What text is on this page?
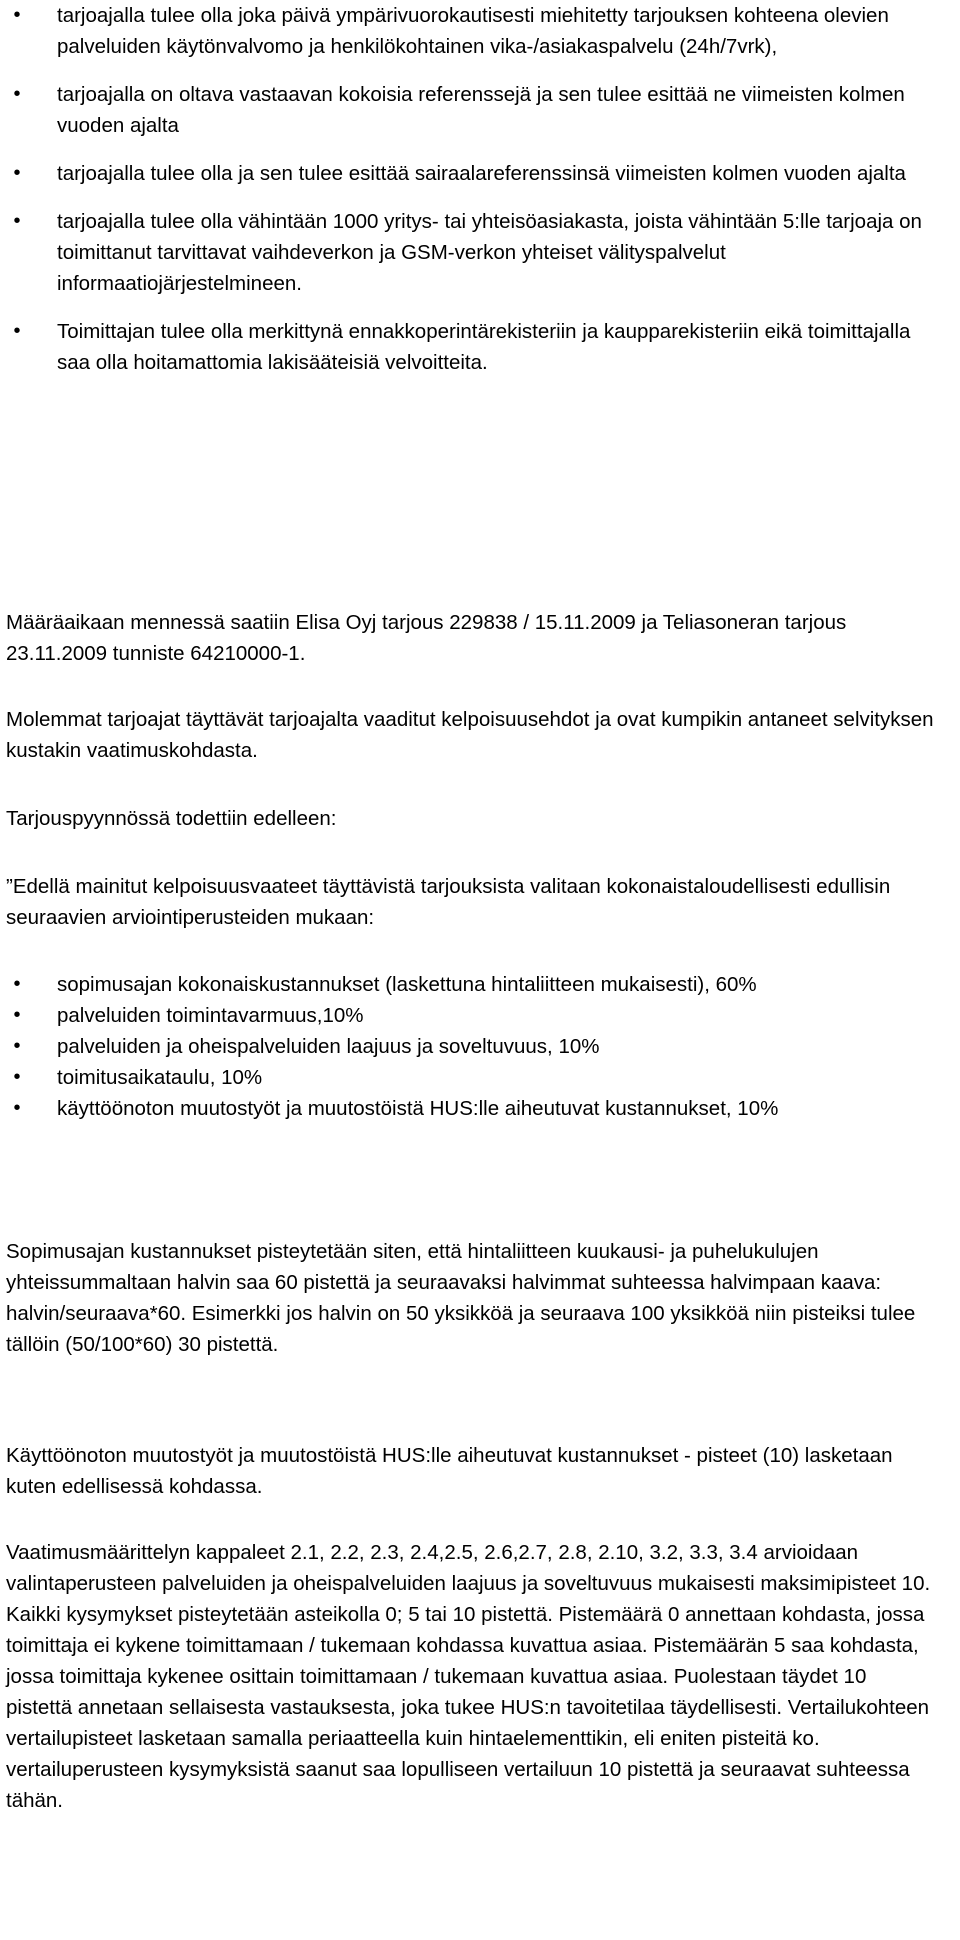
•	tarjoajalla tulee olla joka päivä ympärivuorokautisesti miehitetty tarjouksen kohteena olevien palveluiden käytönvalvomo ja henkilökohtainen vika-/asiakaspalvelu (24h/7vrk),
•	tarjoajalla on oltava vastaavan kokoisia referenssejä ja sen tulee esittää ne viimeisten kolmen vuoden ajalta
•	tarjoajalla tulee olla ja sen tulee esittää sairaalareferenssinsä viimeisten kolmen vuoden ajalta
•	tarjoajalla tulee olla vähintään 1000 yritys- tai yhteisöasiakasta, joista vähintään 5:lle tarjoaja on toimittanut tarvittavat vaihdeverkon ja GSM-verkon yhteiset välityspalvelut informaatiojärjestelmineen.
•	Toimittajan tulee olla merkittynä ennakkoperintärekisteriin ja kaupparekisteriin eikä toimittajalla saa olla hoitamattomia lakisääteisiä velvoitteita.

Määräaikaan mennessä saatiin Elisa Oyj tarjous 229838 / 15.11.2009 ja Teliasoneran tarjous 23.11.2009 tunniste 64210000-1.

Molemmat tarjoajat täyttävät tarjoajalta vaaditut kelpoisuusehdot ja ovat kumpikin antaneet selvityksen kustakin vaatimuskohdasta.

Tarjouspyynnössä todettiin edelleen:

”Edellä mainitut kelpoisuusvaateet täyttävistä tarjouksista valitaan kokonaistaloudellisesti edullisin seuraavien arviointiperusteiden mukaan:

•	sopimusajan kokonaiskustannukset (laskettuna hintaliitteen mukaisesti), 60%
•	palveluiden toimintavarmuus,10%
•	palveluiden ja oheispalveluiden laajuus ja soveltuvuus, 10%
•	toimitusaikataulu, 10%
•	käyttöönoton muutostyöt ja muutostöistä HUS:lle aiheutuvat kustannukset, 10%

Sopimusajan kustannukset pisteytetään siten, että hintaliitteen kuukausi- ja puhelukulujen yhteissummaltaan halvin saa 60 pistettä ja seuraavaksi halvimmat suhteessa halvimpaan kaava: halvin/seuraava*60. Esimerkki jos halvin on 50 yksikköä ja seuraava 100 yksikköä niin pisteiksi tulee tällöin (50/100*60) 30 pistettä.

Käyttöönoton muutostyöt ja muutostöistä HUS:lle aiheutuvat kustannukset - pisteet (10) lasketaan kuten edellisessä kohdassa.

Vaatimusmäärittelyn kappaleet 2.1, 2.2, 2.3, 2.4,2.5, 2.6,2.7, 2.8, 2.10, 3.2, 3.3, 3.4 arvioidaan valintaperusteen palveluiden ja oheispalveluiden laajuus ja soveltuvuus mukaisesti maksimipisteet 10. Kaikki kysymykset pisteytetään asteikolla 0; 5 tai 10 pistettä. Pistemäärä 0 annettaan kohdasta, jossa toimittaja ei kykene toimittamaan / tukemaan kohdassa kuvattua asiaa. Pistemäärän 5 saa kohdasta, jossa toimittaja kykenee osittain toimittamaan / tukemaan kuvattua asiaa. Puolestaan täydet 10 pistettä annetaan sellaisesta vastauksesta, joka tukee HUS:n tavoitetilaa täydellisesti. Vertailukohteen vertailupisteet lasketaan samalla periaatteella kuin hintaelementtikin, eli eniten pisteitä ko. vertailuperusteen kysymyksistä saanut saa lopulliseen vertailuun 10 pistettä ja seuraavat suhteessa tähän.
